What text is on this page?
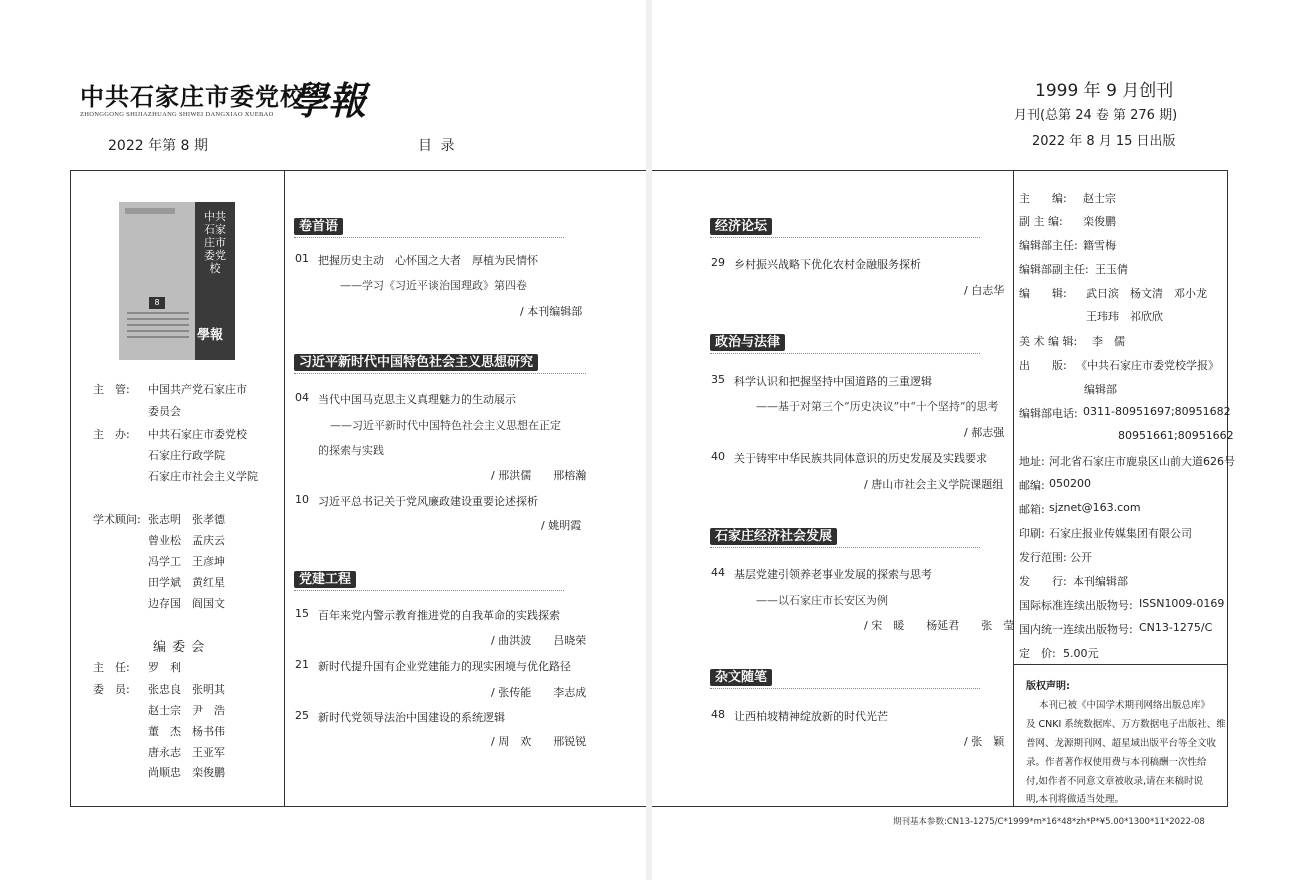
中共石家庄市委党校
學報
ZHONGGONG SHIJIAZHUANG SHIWEI DANGXIAO XUEBAO
2022 年第 8 期	目 录
8
中共石家庄市委党校
學報
主　管: 中国共产党石家庄市
委员会
主　办: 中共石家庄市委党校
石家庄行政学院
石家庄市社会主义学院
学术顾问: 张志明　张孝德
曾业松　孟庆云
冯学工　王彦坤
田学斌　黄红星
边存国　阎国文
编 委 会
主　任: 罗　利
委　员: 张忠良　张明其
赵士宗　尹　浩
董　杰　杨书伟
唐永志　王亚军
尚顺忠　栾俊鹏
卷首语
01 把握历史主动　心怀国之大者　厚植为民情怀
——学习《习近平谈治国理政》第四卷
/ 本刊编辑部
习近平新时代中国特色社会主义思想研究
04 当代中国马克思主义真理魅力的生动展示
——习近平新时代中国特色社会主义思想在正定
的探索与实践
/ 邢洪儒　　邢榕瀚
10 习近平总书记关于党风廉政建设重要论述探析
/ 姚明霞
党建工程
15 百年来党内警示教育推进党的自我革命的实践探索
/ 曲洪波　　吕晓荣
21 新时代提升国有企业党建能力的现实困境与优化路径
/ 张传能　　李志成
25 新时代党领导法治中国建设的系统逻辑
/ 周　欢　　邢锐锐
1999 年 9 月创刊
月刊(总第 24 卷 第 276 期)
2022 年 8 月 15 日出版
经济论坛
29 乡村振兴战略下优化农村金融服务探析
/ 白志华
政治与法律
35 科学认识和把握坚持中国道路的三重逻辑
——基于对第三个“历史决议”中“十个坚持”的思考
/ 郝志强
40 关于铸牢中华民族共同体意识的历史发展及实践要求
/ 唐山市社会主义学院课题组
石家庄经济社会发展
44 基层党建引领养老事业发展的探索与思考
——以石家庄市长安区为例
/ 宋　暖　　杨延君　　张　莹
杂文随笔
48 让西柏坡精神绽放新的时代光芒
/ 张　颖
主　　编: 赵士宗
副 主 编: 栾俊鹏
编辑部主任: 籍雪梅
编辑部副主任: 王玉倩
编　　辑: 武日滨　杨文清　邓小龙
王玮玮　祁欣欣
美 术 编 辑: 李　儒
出　　版: 《中共石家庄市委党校学报》
编辑部
编辑部电话: 0311-80951697;80951682
80951661;80951662
地址: 河北省石家庄市鹿泉区山前大道626号
邮编: 050200
邮箱: sjznet@163.com
印刷: 石家庄报业传媒集团有限公司
发行范围: 公开
发　　行: 本刊编辑部
国际标准连续出版物号: ISSN1009-0169
国内统一连续出版物号: CN13-1275/C
定　价: 5.00元
版权声明:
本刊已被《中国学术期刊网络出版总库》
及 CNKI 系统数据库、万方数据电子出版社、维
普网、龙源期刊网、超星域出版平台等全文收
录。作者著作权使用费与本刊稿酬一次性给
付,如作者不同意文章被收录,请在来稿时说
明,本刊将做适当处理。
期刊基本参数:CN13-1275/C*1999*m*16*48*zh*P*¥5.00*1300*11*2022-08
